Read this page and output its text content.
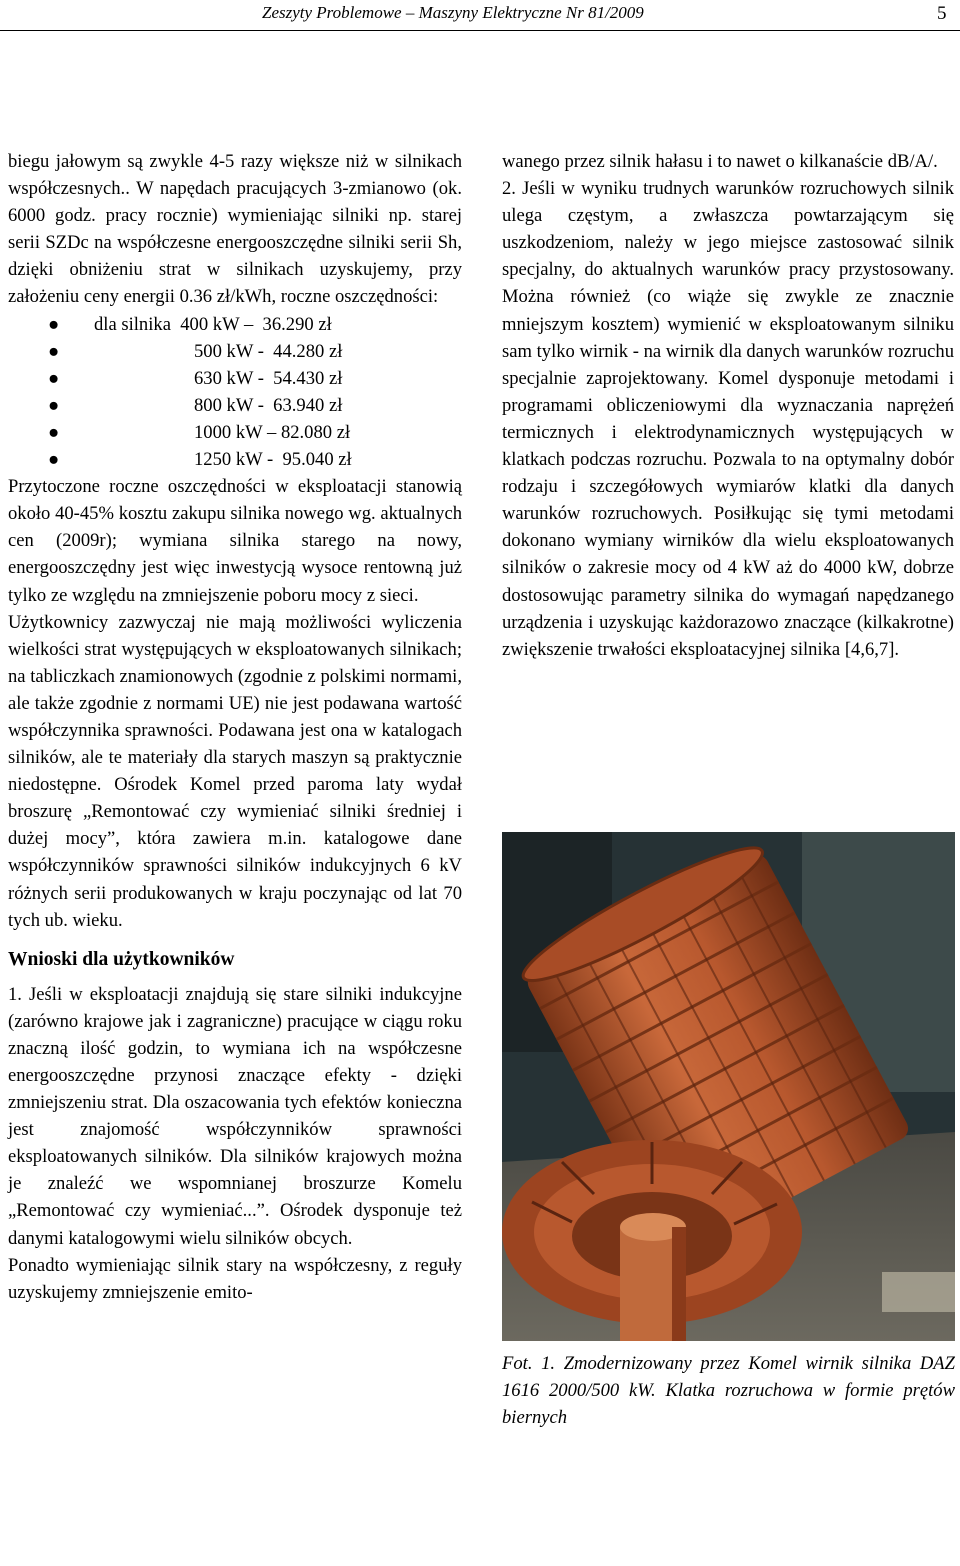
Zeszyty Problemowe – Maszyny Elektryczne Nr 81/2009	5

biegu jałowym są zwykle 4-5 razy większe niż w silnikach współczesnych.. W napędach pracujących 3-zmianowo (ok. 6000 godz. pracy rocznie) wymieniając silniki np. starej serii SZDc na współczesne energooszczędne silniki serii Sh, dzięki obniżeniu strat w silnikach uzyskujemy, przy założeniu ceny energii 0.36 zł/kWh, roczne oszczędności:

● dla silnika  400 kW –  36.290 zł
●	500 kW -  44.280 zł
●	630 kW -  54.430 zł
●	800 kW -  63.940 zł
●	1000 kW – 82.080 zł
●	1250 kW -  95.040 zł

Przytoczone roczne oszczędności w eksploatacji stanowią około 40-45% kosztu zakupu silnika nowego wg. aktualnych cen (2009r); wymiana silnika starego na nowy, energooszczędny jest więc inwestycją wysoce rentowną już tylko ze względu na zmniejszenie poboru mocy z sieci.

Użytkownicy zazwyczaj nie mają możliwości wyliczenia wielkości strat występujących w eksploatowanych silnikach; na tabliczkach znamionowych (zgodnie z polskimi normami, ale także zgodnie z normami UE) nie jest podawana wartość współczynnika sprawności. Podawana jest ona w katalogach silników, ale te materiały dla starych maszyn są praktycznie niedostępne. Ośrodek Komel przed paroma laty wydał broszurę „Remontować czy wymieniać silniki średniej i dużej mocy”, która zawiera m.in. katalogowe dane współczynników sprawności silników indukcyjnych 6 kV różnych serii produkowanych w kraju poczynając od lat 70 tych ub. wieku.

Wnioski dla użytkowników

1. Jeśli w eksploatacji znajdują się stare silniki indukcyjne (zarówno krajowe jak i zagraniczne) pracujące w ciągu roku znaczną ilość godzin, to wymiana ich na współczesne energooszczędne przynosi znaczące efekty - dzięki zmniejszeniu strat. Dla oszacowania tych efektów konieczna jest znajomość współczynników sprawności eksploatowanych silników. Dla silników krajowych można je znaleźć we wspomnianej broszurze Komelu „Remontować czy wymieniać...”. Ośrodek dysponuje też danymi katalogowymi wielu silników obcych.

Ponadto wymieniając silnik stary na współczesny, z reguły uzyskujemy zmniejszenie emito-

wanego przez silnik hałasu i to nawet o kilkanaście dB/A/.

2. Jeśli w wyniku trudnych warunków rozruchowych silnik ulega częstym, a zwłaszcza powtarzającym się uszkodzeniom, należy w jego miejsce zastosować silnik specjalny, do aktualnych warunków pracy przystosowany. Można również (co wiąże się zwykle ze znacznie mniejszym kosztem) wymienić w eksploatowanym silniku sam tylko wirnik - na wirnik dla danych warunków rozruchu specjalnie zaprojektowany. Komel dysponuje metodami i programami obliczeniowymi dla wyznaczania naprężeń termicznych i elektrodynamicznych występujących w klatkach podczas rozruchu. Pozwala to na optymalny dobór rodzaju i szczegółowych wymiarów klatki dla danych warunków rozruchowych. Posiłkując się tymi metodami dokonano wymiany wirników dla wielu eksploatowanych silników o zakresie mocy od 4 kW aż do 4000 kW, dobrze dostosowując parametry silnika do wymagań napędzanego urządzenia i uzyskując każdorazowo znaczące (kilkakrotne) zwiększenie trwałości eksploatacyjnej silnika [4,6,7].

Fot. 1. Zmodernizowany przez Komel wirnik silnika DAZ 1616 2000/500 kW. Klatka rozruchowa w formie prętów biernych
